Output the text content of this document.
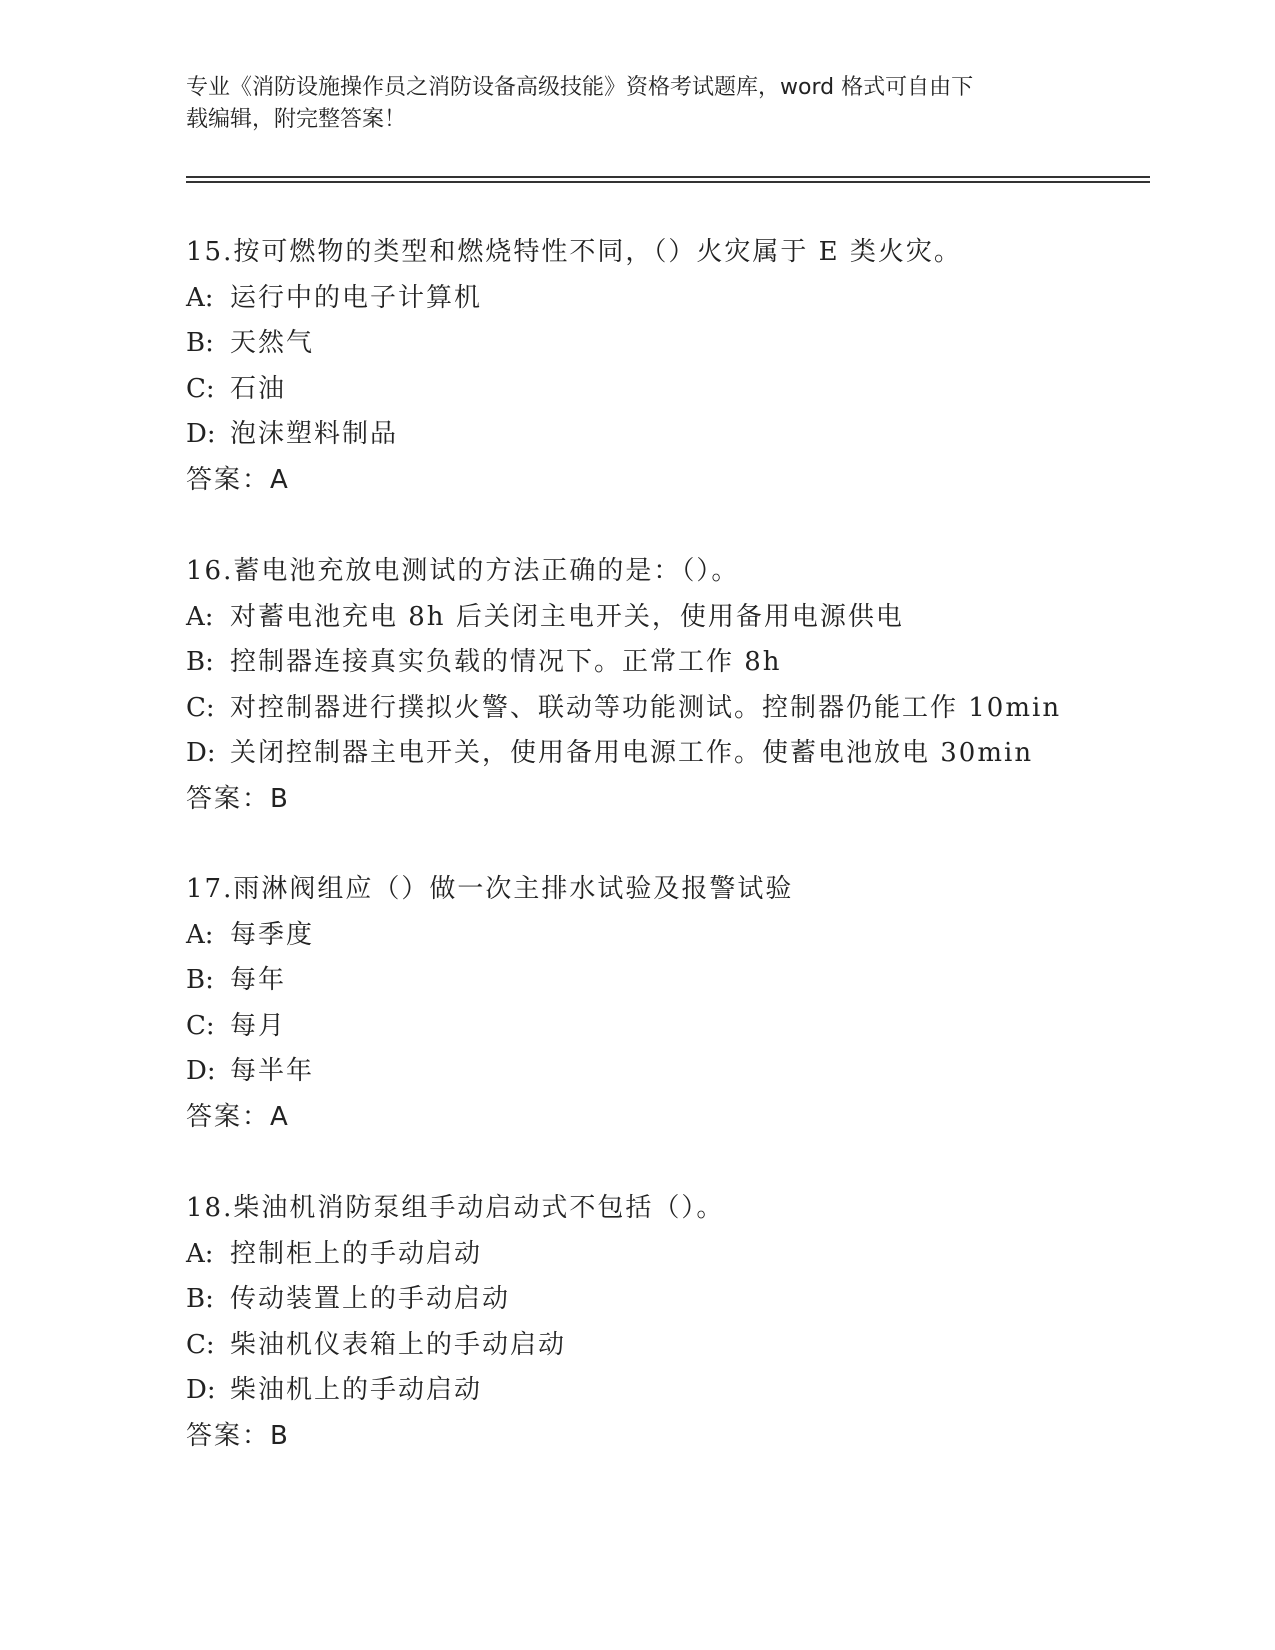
专业《消防设施操作员之消防设备高级技能》资格考试题库，word 格式可自由下
载编辑，附完整答案！
15.按可燃物的类型和燃烧特性不同，（）火灾属于 E 类火灾。
A: 运行中的电子计算机
B: 天然气
C: 石油
D: 泡沫塑料制品
答案：A
16.蓄电池充放电测试的方法正确的是：（）。
A: 对蓄电池充电 8h 后关闭主电开关，使用备用电源供电
B: 控制器连接真实负载的情况下。正常工作 8h
C: 对控制器进行撲拟火警、联动等功能测试。控制器仍能工作 10min
D: 关闭控制器主电开关，使用备用电源工作。使蓄电池放电 30min
答案：B
17.雨淋阀组应（）做一次主排水试验及报警试验
A: 每季度
B: 每年
C: 每月
D: 每半年
答案：A
18.柴油机消防泵组手动启动式不包括（）。
A: 控制柜上的手动启动
B: 传动装置上的手动启动
C: 柴油机仪表箱上的手动启动
D: 柴油机上的手动启动
答案：B
